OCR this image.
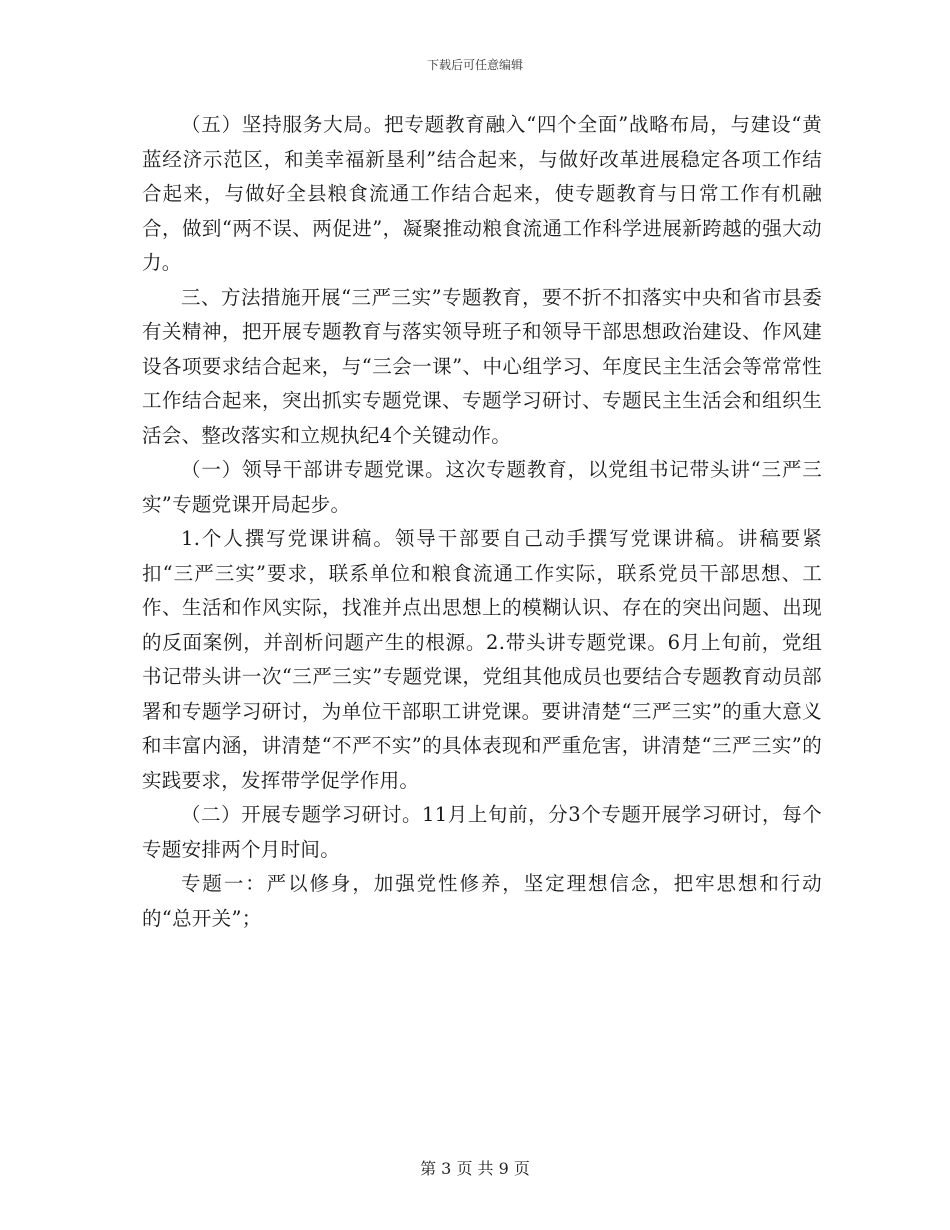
下载后可任意编辑

（五）坚持服务大局。把专题教育融入“四个全面”战略布局，与建设“黄蓝经济示范区，和美幸福新垦利”结合起来，与做好改革进展稳定各项工作结合起来，与做好全县粮食流通工作结合起来，使专题教育与日常工作有机融合，做到“两不误、两促进”，凝聚推动粮食流通工作科学进展新跨越的强大动力。

三、方法措施开展“三严三实”专题教育，要不折不扣落实中央和省市县委有关精神，把开展专题教育与落实领导班子和领导干部思想政治建设、作风建设各项要求结合起来，与“三会一课”、中心组学习、年度民主生活会等常常性工作结合起来，突出抓实专题党课、专题学习研讨、专题民主生活会和组织生活会、整改落实和立规执纪4个关键动作。

（一）领导干部讲专题党课。这次专题教育，以党组书记带头讲“三严三实”专题党课开局起步。

1.个人撰写党课讲稿。领导干部要自己动手撰写党课讲稿。讲稿要紧扣“三严三实”要求，联系单位和粮食流通工作实际，联系党员干部思想、工作、生活和作风实际，找准并点出思想上的模糊认识、存在的突出问题、出现的反面案例，并剖析问题产生的根源。2.带头讲专题党课。6月上旬前，党组书记带头讲一次“三严三实”专题党课，党组其他成员也要结合专题教育动员部署和专题学习研讨，为单位干部职工讲党课。要讲清楚“三严三实”的重大意义和丰富内涵，讲清楚“不严不实”的具体表现和严重危害，讲清楚“三严三实”的实践要求，发挥带学促学作用。

（二）开展专题学习研讨。11月上旬前，分3个专题开展学习研讨，每个专题安排两个月时间。

专题一：严以修身，加强党性修养，坚定理想信念，把牢思想和行动的“总开关”；

第 3 页 共 9 页
